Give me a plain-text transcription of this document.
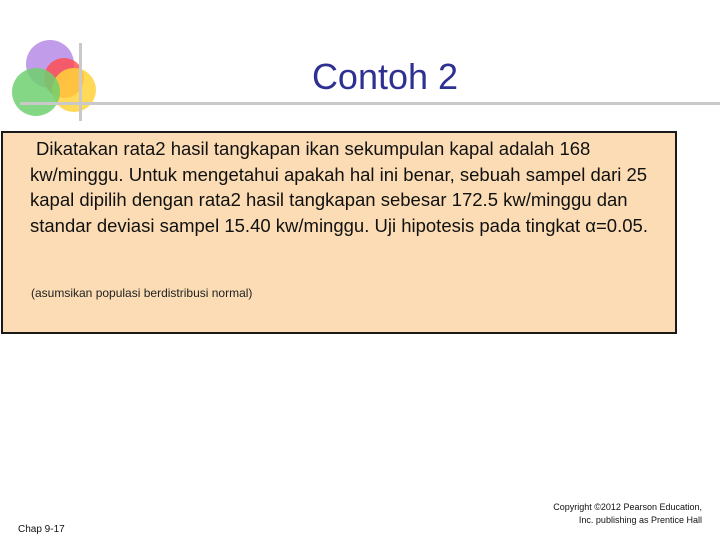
Contoh 2

Dikatakan rata2 hasil tangkapan ikan sekumpulan kapal adalah 168 kw/minggu. Untuk mengetahui apakah hal ini benar, sebuah sampel dari 25 kapal dipilih dengan rata2 hasil tangkapan sebesar 172.5 kw/minggu dan standar deviasi sampel 15.40 kw/minggu. Uji hipotesis pada tingkat α=0.05.

(asumsikan populasi berdistribusi normal)

Chap 9-17
Copyright ©2012 Pearson Education, Inc. publishing as Prentice Hall
